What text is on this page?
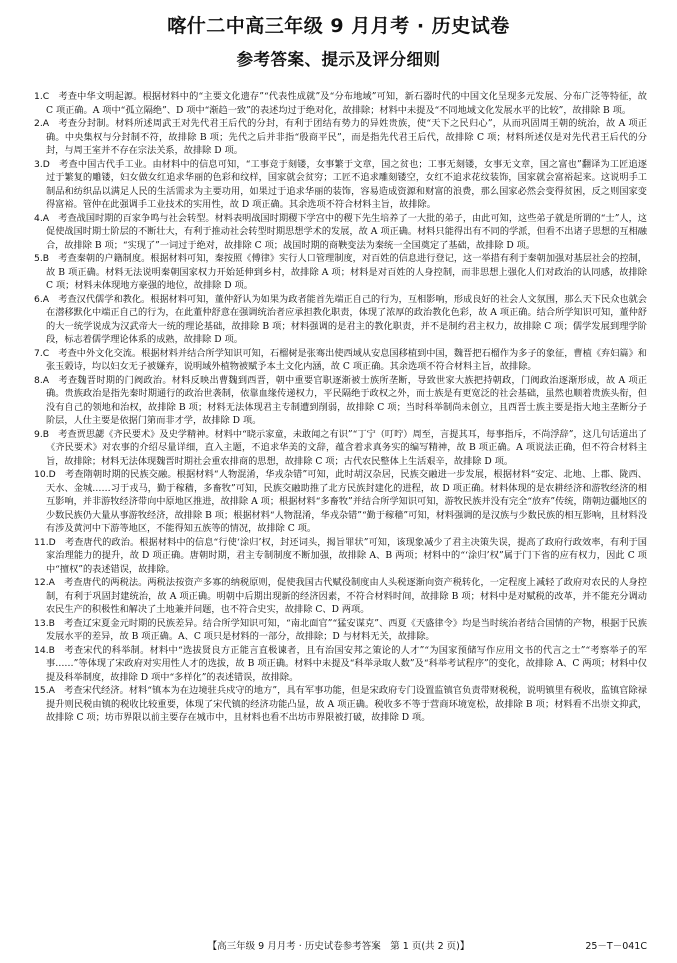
喀什二中高三年级 9 月月考 · 历史试卷
参考答案、提示及评分细则
1.C  考查中华文明起源。根据材料中的“主要文化遗存”“代表性成就”及“分布地域”可知，新石器时代的中国文化呈现多元发展、分布广泛等特征，故 C 项正确。A 项中“孤立隔绝”、D 项中“渐趋一致”的表述均过于绝对化，故排除；材料中未提及“不同地域文化发展水平的比较”，故排除 B 项。
2.A  考查分封制。材料所述周武王对先代君王后代的分封，有利于团结有势力的异姓贵族，使“天下之民归心”，从而巩固周王朝的统治，故 A 项正确。中央集权与分封制不符，故排除 B 项；先代之后并非指“殷商平民”，而是指先代君王后代，故排除 C 项；材料所述仅是对先代君王后代的分封，与周王室并不存在宗法关系，故排除 D 项。
3.D  考查中国古代手工业。由材料中的信息可知，“工事竞于刻镂，女事繁于文章，国之贫也；工事无刻镂，女事无文章，国之富也”翻译为工匠追逐过于繁复的雕镂，妇女做女红追求华丽的色彩和纹样，国家就会贫穷；工匠不追求雕刻镂空，女红不追求花纹装饰，国家就会富裕起来。这说明手工制品和纺织品以满足人民的生活需求为主要功用，如果过于追求华丽的装饰，容易造成资源和财富的浪费，那么国家必然会变得贫困，反之则国家变得富裕。管仲在此强调手工业技术的实用性，故 D 项正确。其余选项不符合材料主旨，故排除。
4.A  考查战国时期的百家争鸣与社会转型。材料表明战国时期稷下学宫中的稷下先生培养了一大批的弟子，由此可知，这些弟子就是所谓的“士”人，这促使战国时期士阶层的不断壮大，有利于推动社会转型时期思想学术的发展，故 A 项正确。材料只能得出有不同的学派，但看不出诸子思想的互相融合，故排除 B 项；“实现了”一词过于绝对，故排除 C 项；战国时期的商鞅变法为秦统一全国奠定了基础，故排除 D 项。
5.B  考查秦朝的户籍制度。根据材料可知，秦按照《傅律》实行人口管理制度，对百姓的信息进行登记，这一举措有利于秦朝加强对基层社会的控制，故 B 项正确。材料无法说明秦朝国家权力开始延伸到乡村，故排除 A 项；材料是对百姓的人身控制，而非思想上强化人们对政治的认同感，故排除 C 项；材料未体现地方豪强的地位，故排除 D 项。
6.A  考查汉代儒学和教化。根据材料可知，董仲舒认为如果为政者能首先端正自己的行为，互相影响，形成良好的社会人文氛围，那么天下民众也就会在潜移默化中端正自己的行为，在此董仲舒意在强调统治者应承担教化职责，体现了浓厚的政治教化色彩，故 A 项正确。结合所学知识可知，董仲舒的大一统学说成为汉武帝大一统的理论基础，故排除 B 项；材料强调的是君主的教化职责，并不是制约君主权力，故排除 C 项；儒学发展到理学阶段，标志着儒学理论体系的成熟，故排除 D 项。
7.C  考查中外文化交流。根据材料并结合所学知识可知，石榴树是张骞出使西域从安息国移植到中国，魏晋把石榴作为多子的象征，曹植《弃妇篇》和张玉榖诗，均以妇女无子被嫌弃，说明域外植物被赋予本土文化内涵，故 C 项正确。其余选项不符合材料主旨，故排除。
8.A  考查魏晋时期的门阀政治。材料反映出曹魏到西晋，朝中重要官职逐渐被士族所垄断，导致世家大族把持朝政，门阀政治逐渐形成，故 A 项正确。贵族政治是指先秦时期通行的政治世袭制，依靠血缘传递权力，平民隔绝于政权之外，而士族是有更宽泛的社会基础，虽然也顺着贵族头衔，但没有自己的领地和治权，故排除 B 项；材料无法体现君主专制遭到削弱，故排除 C 项；当时科举制尚未创立，且西晋士族主要是指大地主垄断分子阶层，人仕主要是依据门第而非才学，故排除 D 项。
9.B  考查贾思勰《齐民要术》及史学精神。材料中“晓示家童，未敢闻之有识”“丁宁（叮咛）周至，言提其耳，每事指斥，不尚浮辞”，这几句话道出了《齐民要术》对农事的介绍尽量详细，直入主题，不追求华美的文辞，蕴含着求真务实的编写精神，故 B 项正确。A 项说法正确，但不符合材料主旨，故排除；材料无法体现魏晋时期社会重农排商的思想，故排除 C 项；古代农民整体上生活艰辛，故排除 D 项。
10.D  考查隋朝时期的民族交融。根据材料“人物混淆，华戎杂错”可知，此时胡汉杂居，民族交融进一步发展，根据材料“安定、北地、上郡、陇西、天水、金城……习于戎马，勤于稼穑，多畜牧”可知，民族交融助推了北方民族封建化的进程，故 D 项正确。材料体现的是农耕经济和游牧经济的相互影响，并非游牧经济带向中原地区推进，故排除 A 项；根据材料“多畜牧”并结合所学知识可知，游牧民族并没有完全“放弃”传统，隋朝边疆地区的少数民族仍大量从事游牧经济，故排除 B 项；根据材料“人物混淆，华戎杂错”“勤于稼穑”可知，材料强调的是汉族与少数民族的相互影响，且材料没有涉及黄河中下游等地区，不能得知五族等的情况，故排除 C 项。
11.D  考查唐代的政治。根据材料中的信息“行使‘涂归’权，封还词头，揭旨罪状”可知，该现象减少了君主决策失误，提高了政府行政效率，有利于国家治理能力的提升，故 D 项正确。唐朝时期，君主专制制度不断加强，故排除 A、B 两项；材料中的“‘涂归’权”属于门下省的应有权力，因此 C 项中“擅权”的表述错误，故排除。
12.A  考查唐代的两税法。两税法按资产多寡的纳税原则，促使我国古代赋役制度由人头税逐渐向资产税转化，一定程度上减轻了政府对农民的人身控制，有利于巩固封建统治，故 A 项正确。明朝中后期出现新的经济因素，不符合材料时间，故排除 B 项；材料中是对赋税的改革，并不能充分调动农民生产的积极性和解决了土地兼并问题，也不符合史实，故排除 C、D 两项。
13.B  考查辽宋夏金元时期的民族差异。结合所学知识可知，“南北面官”“猛安谋克”、西夏《天盛律令》均是当时统治者结合国情的产物，根据于民族发展水平的差异，故 B 项正确。A、C 项只是材料的一部分，故排除；D 与材料无关，故排除。
14.B  考查宋代的科举制。材料中“选拔贤良方正能言直极谏者，且有治国安邦之策论的人才”“为国家预储写作应用文书的代言之士”“考察举子的军事……”等体现了宋政府对实用性人才的选拔，故 B 项正确。材料中未提及“科举录取人数”及“科举考试程序”的变化，故排除 A、C 两项；材料中仅提及科举制度，故排除 D 项中“多样化”的表述错误，故排除。
15.A  考查宋代经济。材料“镇本为在边境驻兵戍守的地方”，具有军事功能，但是宋政府专门设置监镇官负责带财税税，说明镇里有税收，监镇官除禄提升则民税由镇的税收比较重要，体现了宋代镇的经济功能凸显，故 A 项正确。税收多不等于营商环境宽松，故排除 B 项；材料看不出崇文抑武，故排除 C 项；坊市界限以前主要存在城市中，且材料也看不出坊市界限被打破，故排除 D 项。
【高三年级 9 月月考 · 历史试卷参考答案　第 1 页(共 2 页)】	25－T－041C
